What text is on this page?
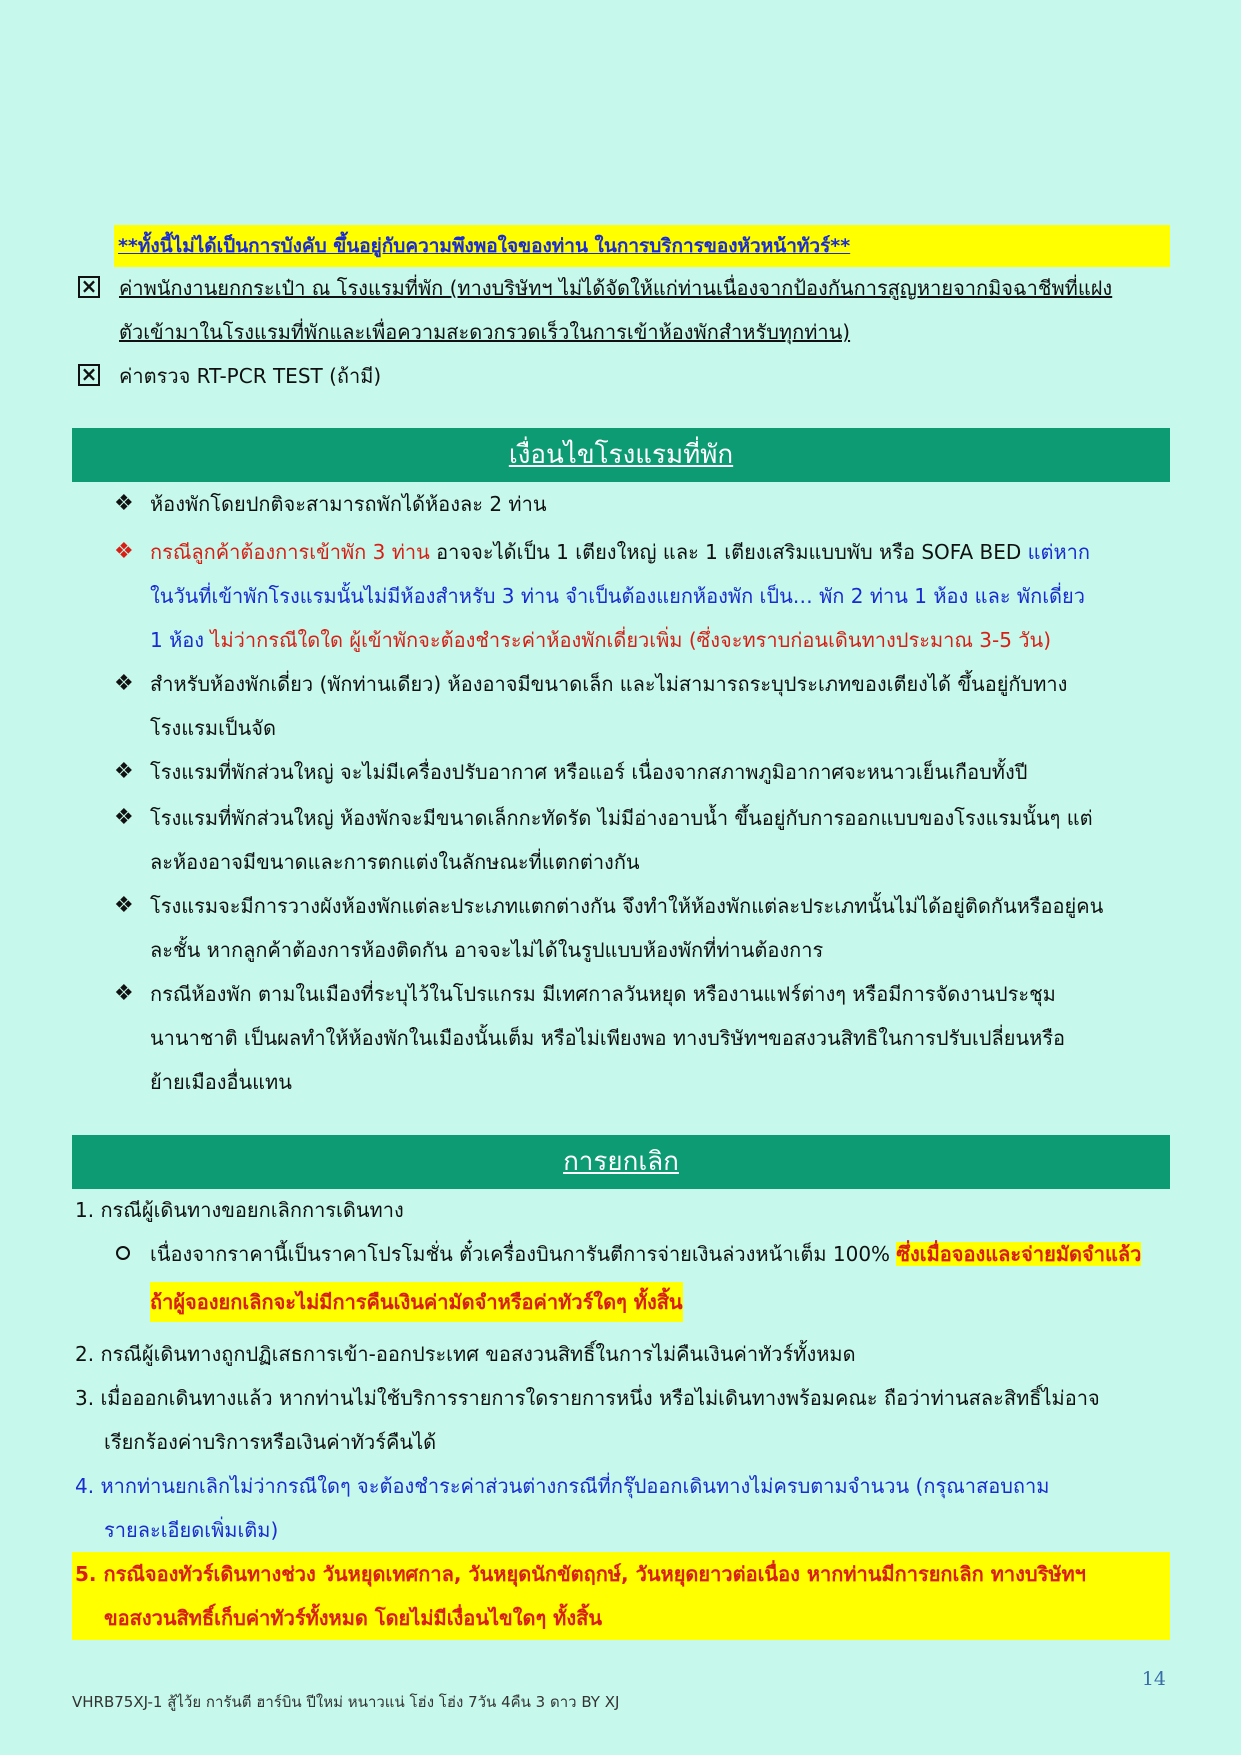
**ทั้งนี้ไม่ได้เป็นการบังคับ ขึ้นอยู่กับความพึงพอใจของท่าน ในการบริการของหัวหน้าทัวร์**
× ค่าพนักงานยกกระเป๋า ณ โรงแรมที่พัก (ทางบริษัทฯ ไม่ได้จัดให้แก่ท่านเนื่องจากป้องกันการสูญหายจากมิจฉาชีพที่แฝง
ตัวเข้ามาในโรงแรมที่พักและเพื่อความสะดวกรวดเร็วในการเข้าห้องพักสำหรับทุกท่าน)
× ค่าตรวจ RT-PCR TEST (ถ้ามี)
เงื่อนไขโรงแรมที่พัก
❖ ห้องพักโดยปกติจะสามารถพักได้ห้องละ 2 ท่าน
❖ กรณีลูกค้าต้องการเข้าพัก 3 ท่าน อาจจะได้เป็น 1 เตียงใหญ่ และ 1 เตียงเสริมแบบพับ หรือ SOFA BED แต่หาก
ในวันที่เข้าพักโรงแรมนั้นไม่มีห้องสำหรับ 3 ท่าน จำเป็นต้องแยกห้องพัก เป็น… พัก 2 ท่าน 1 ห้อง และ พักเดี่ยว
1 ห้อง ไม่ว่ากรณีใดใด ผู้เข้าพักจะต้องชำระค่าห้องพักเดี่ยวเพิ่ม (ซึ่งจะทราบก่อนเดินทางประมาณ 3-5 วัน)
❖ สำหรับห้องพักเดี่ยว (พักท่านเดียว) ห้องอาจมีขนาดเล็ก และไม่สามารถระบุประเภทของเตียงได้ ขึ้นอยู่กับทาง
โรงแรมเป็นจัด
❖ โรงแรมที่พักส่วนใหญ่ จะไม่มีเครื่องปรับอากาศ หรือแอร์ เนื่องจากสภาพภูมิอากาศจะหนาวเย็นเกือบทั้งปี
❖ โรงแรมที่พักส่วนใหญ่ ห้องพักจะมีขนาดเล็กกะทัดรัด ไม่มีอ่างอาบน้ำ ขึ้นอยู่กับการออกแบบของโรงแรมนั้นๆ แต่
ละห้องอาจมีขนาดและการตกแต่งในลักษณะที่แตกต่างกัน
❖ โรงแรมจะมีการวางผังห้องพักแต่ละประเภทแตกต่างกัน จึงทำให้ห้องพักแต่ละประเภทนั้นไม่ได้อยู่ติดกันหรืออยู่คน
ละชั้น หากลูกค้าต้องการห้องติดกัน อาจจะไม่ได้ในรูปแบบห้องพักที่ท่านต้องการ
❖ กรณีห้องพัก ตามในเมืองที่ระบุไว้ในโปรแกรม มีเทศกาลวันหยุด หรืองานแฟร์ต่างๆ หรือมีการจัดงานประชุม
นานาชาติ เป็นผลทำให้ห้องพักในเมืองนั้นเต็ม หรือไม่เพียงพอ ทางบริษัทฯขอสงวนสิทธิในการปรับเปลี่ยนหรือ
ย้ายเมืองอื่นแทน
การยกเลิก
1. กรณีผู้เดินทางขอยกเลิกการเดินทาง
เนื่องจากราคานี้เป็นราคาโปรโมชั่น ตั๋วเครื่องบินการันตีการจ่ายเงินล่วงหน้าเต็ม 100% ซึ่งเมื่อจองและจ่ายมัดจำแล้ว
ถ้าผู้จองยกเลิกจะไม่มีการคืนเงินค่ามัดจำหรือค่าทัวร์ใดๆ ทั้งสิ้น
2. กรณีผู้เดินทางถูกปฏิเสธการเข้า-ออกประเทศ ขอสงวนสิทธิ์ในการไม่คืนเงินค่าทัวร์ทั้งหมด
3. เมื่อออกเดินทางแล้ว หากท่านไม่ใช้บริการรายการใดรายการหนึ่ง หรือไม่เดินทางพร้อมคณะ ถือว่าท่านสละสิทธิ์ไม่อาจ
เรียกร้องค่าบริการหรือเงินค่าทัวร์คืนได้
4. หากท่านยกเลิกไม่ว่ากรณีใดๆ จะต้องชำระค่าส่วนต่างกรณีที่กรุ๊ปออกเดินทางไม่ครบตามจำนวน (กรุณาสอบถาม
รายละเอียดเพิ่มเติม)
5. กรณีจองทัวร์เดินทางช่วง วันหยุดเทศกาล, วันหยุดนักขัตฤกษ์, วันหยุดยาวต่อเนื่อง หากท่านมีการยกเลิก ทางบริษัทฯ
ขอสงวนสิทธิ์เก็บค่าทัวร์ทั้งหมด โดยไม่มีเงื่อนไขใดๆ ทั้งสิ้น
14
VHRB75XJ-1 สู้ไว้ย การันตี ฮาร์บิน ปีใหม่ หนาวแน่ โฮ่ง โฮ่ง 7วัน 4คืน 3 ดาว BY XJ
